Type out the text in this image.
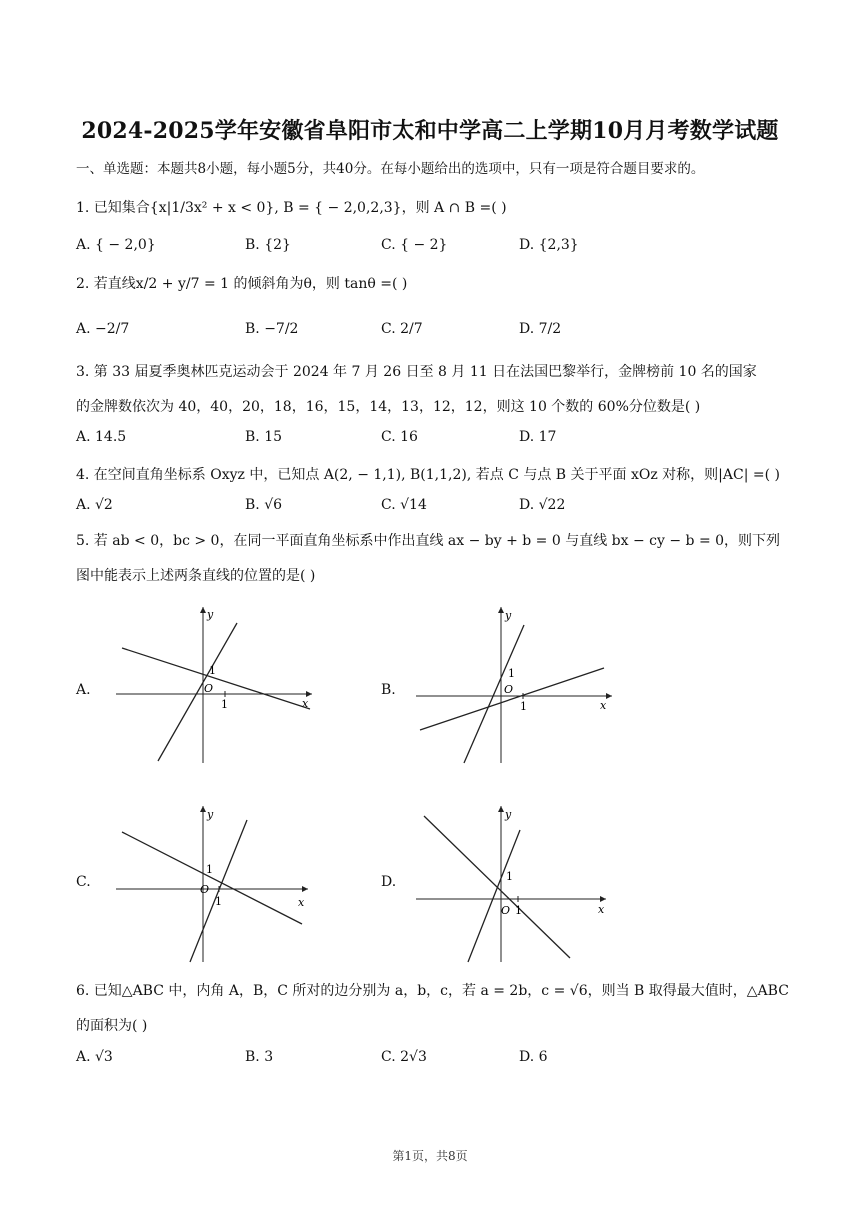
2024-2025学年安徽省阜阳市太和中学高二上学期10月月考数学试题
一、单选题：本题共8小题，每小题5分，共40分。在每小题给出的选项中，只有一项是符合题目要求的。
1. 已知集合{x|1/3x² + x < 0}, B = { − 2,0,2,3}，则 A ∩ B =( )
A. { − 2,0}	B. {2}	C. { − 2}	D. {2,3}
2. 若直线x/2 + y/7 = 1 的倾斜角为θ，则 tanθ =( )
A. −2/7	B. −7/2	C. 2/7	D. 7/2
3. 第 33 届夏季奥林匹克运动会于 2024 年 7 月 26 日至 8 月 11 日在法国巴黎举行，金牌榜前 10 名的国家
的金牌数依次为 40，40，20，18，16，15，14，13，12，12，则这 10 个数的 60%分位数是( )
A. 14.5	B. 15	C. 16	D. 17
4. 在空间直角坐标系 Oxyz 中，已知点 A(2, − 1,1), B(1,1,2), 若点 C 与点 B 关于平面 xOz 对称，则|AC| =( )
A. √2	B. √6	C. √14	D. √22
5. 若 ab < 0，bc > 0，在同一平面直角坐标系中作出直线 ax − by + b = 0 与直线 bx − cy − b = 0，则下列
图中能表示上述两条直线的位置的是( )
A.	B.
C.	D.
y
x
O
1
1
y
x
O
1
1
y
x
O
1
1
y
x
O
1
1
6. 已知△ABC 中，内角 A，B，C 所对的边分别为 a，b，c，若 a = 2b，c = √6，则当 B 取得最大值时，△ABC
的面积为( )
A. √3	B. 3	C. 2√3	D. 6
第1页，共8页
